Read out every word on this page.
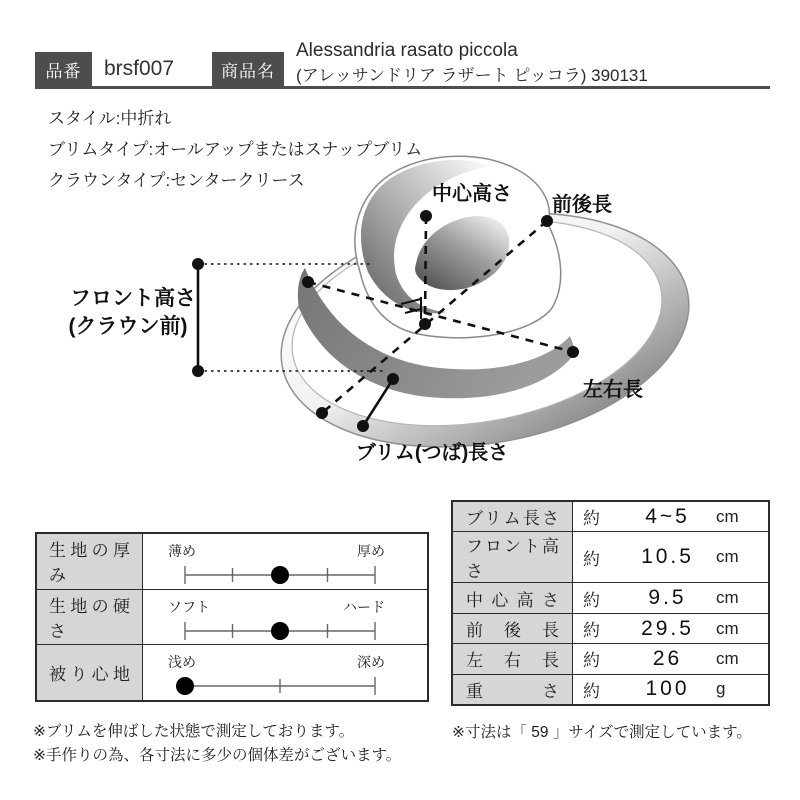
品番	brsf007	商品名
Alessandria rasato piccola
(アレッサンドリア ラザート ピッコラ) 390131
スタイル:中折れ
ブリムタイプ:オールアップまたはスナップブリム
クラウンタイプ:センタークリース
中心高さ 前後長
フロント高さ
(クラウン前)
左右長
ブリム(つば)長さ
生地の厚み
薄め	厚め
生地の硬さ
ソフト	ハード
被り心地
浅め	深め
ブリム長さ	約	4~5	cm
フロント高さ
約	10.5	cm
中心高さ	約	9.5	cm
前後長	約	29.5	cm
左右長	約	26	cm
重さ	約	100	g
※ブリムを伸ばした状態で測定しております。
※手作りの為、各寸法に多少の個体差がございます。
※寸法は「 59 」サイズで測定しています。
